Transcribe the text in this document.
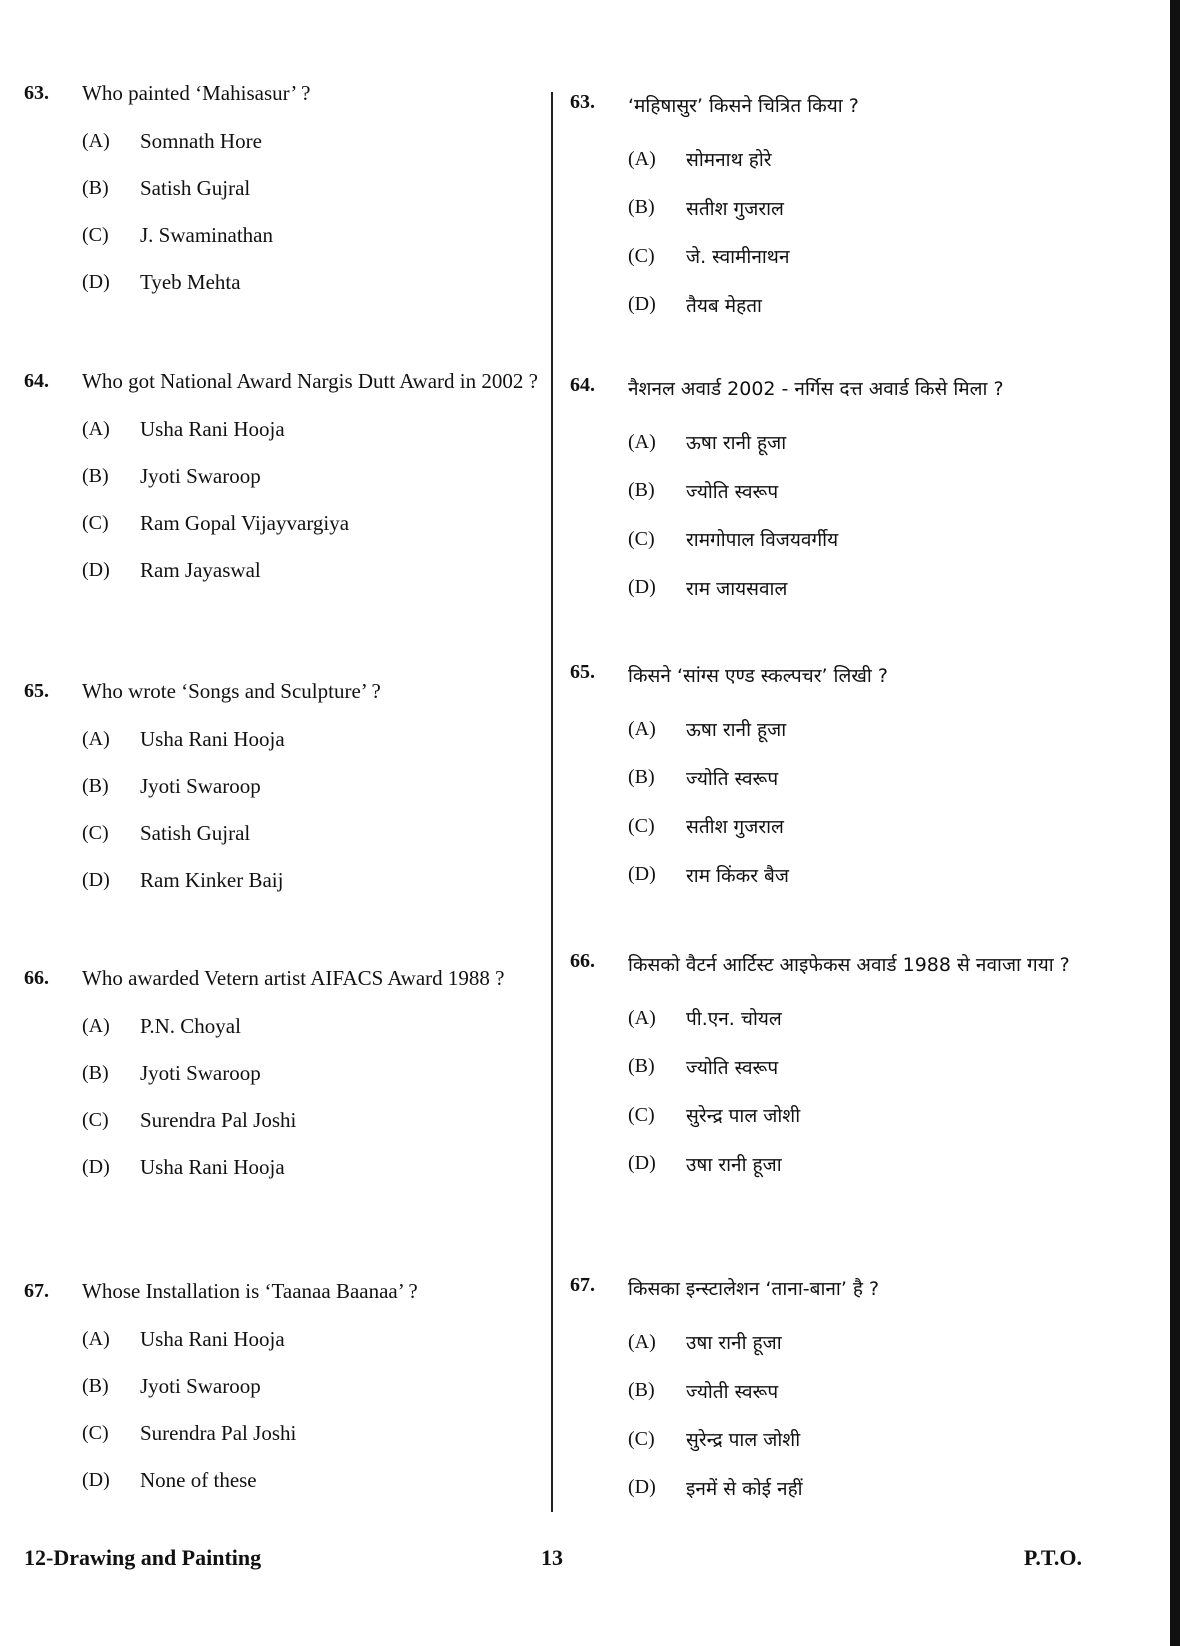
63.	Who painted ‘Mahisasur’ ?
(A)	Somnath Hore
(B)	Satish Gujral
(C)	J. Swaminathan
(D)	Tyeb Mehta
64.	Who got National Award Nargis Dutt Award in 2002 ?
(A)	Usha Rani Hooja
(B)	Jyoti Swaroop
(C)	Ram Gopal Vijayvargiya
(D)	Ram Jayaswal
65.	Who wrote ‘Songs and Sculpture’ ?
(A)	Usha Rani Hooja
(B)	Jyoti Swaroop
(C)	Satish Gujral
(D)	Ram Kinker Baij
66.	Who awarded Vetern artist AIFACS Award 1988 ?
(A)	P.N. Choyal
(B)	Jyoti Swaroop
(C)	Surendra Pal Joshi
(D)	Usha Rani Hooja
67.	Whose Installation is ‘Taanaa Baanaa’ ?
(A)	Usha Rani Hooja
(B)	Jyoti Swaroop
(C)	Surendra Pal Joshi
(D)	None of these
63.	‘महिषासुर’ किसने चित्रित किया ?
(A)	सोमनाथ होरे
(B)	सतीश गुजराल
(C)	जे. स्वामीनाथन
(D)	तैयब मेहता
64.	नैशनल अवार्ड 2002 - नर्गिस दत्त अवार्ड किसे मिला ?
(A)	ऊषा रानी हूजा
(B)	ज्योति स्वरूप
(C)	रामगोपाल विजयवर्गीय
(D)	राम जायसवाल
65.	किसने ‘सांग्स एण्ड स्कल्पचर’ लिखी ?
(A)	ऊषा रानी हूजा
(B)	ज्योति स्वरूप
(C)	सतीश गुजराल
(D)	राम किंकर बैज
66.	किसको वैटर्न आर्टिस्ट आइफेकस अवार्ड 1988 से नवाजा गया ?
(A)	पी.एन. चोयल
(B)	ज्योति स्वरूप
(C)	सुरेन्द्र पाल जोशी
(D)	उषा रानी हूजा
67.	किसका इन्स्टालेशन ‘ताना-बाना’ है ?
(A)	उषा रानी हूजा
(B)	ज्योती स्वरूप
(C)	सुरेन्द्र पाल जोशी
(D)	इनमें से कोई नहीं
12-Drawing and Painting	13	P.T.O.
